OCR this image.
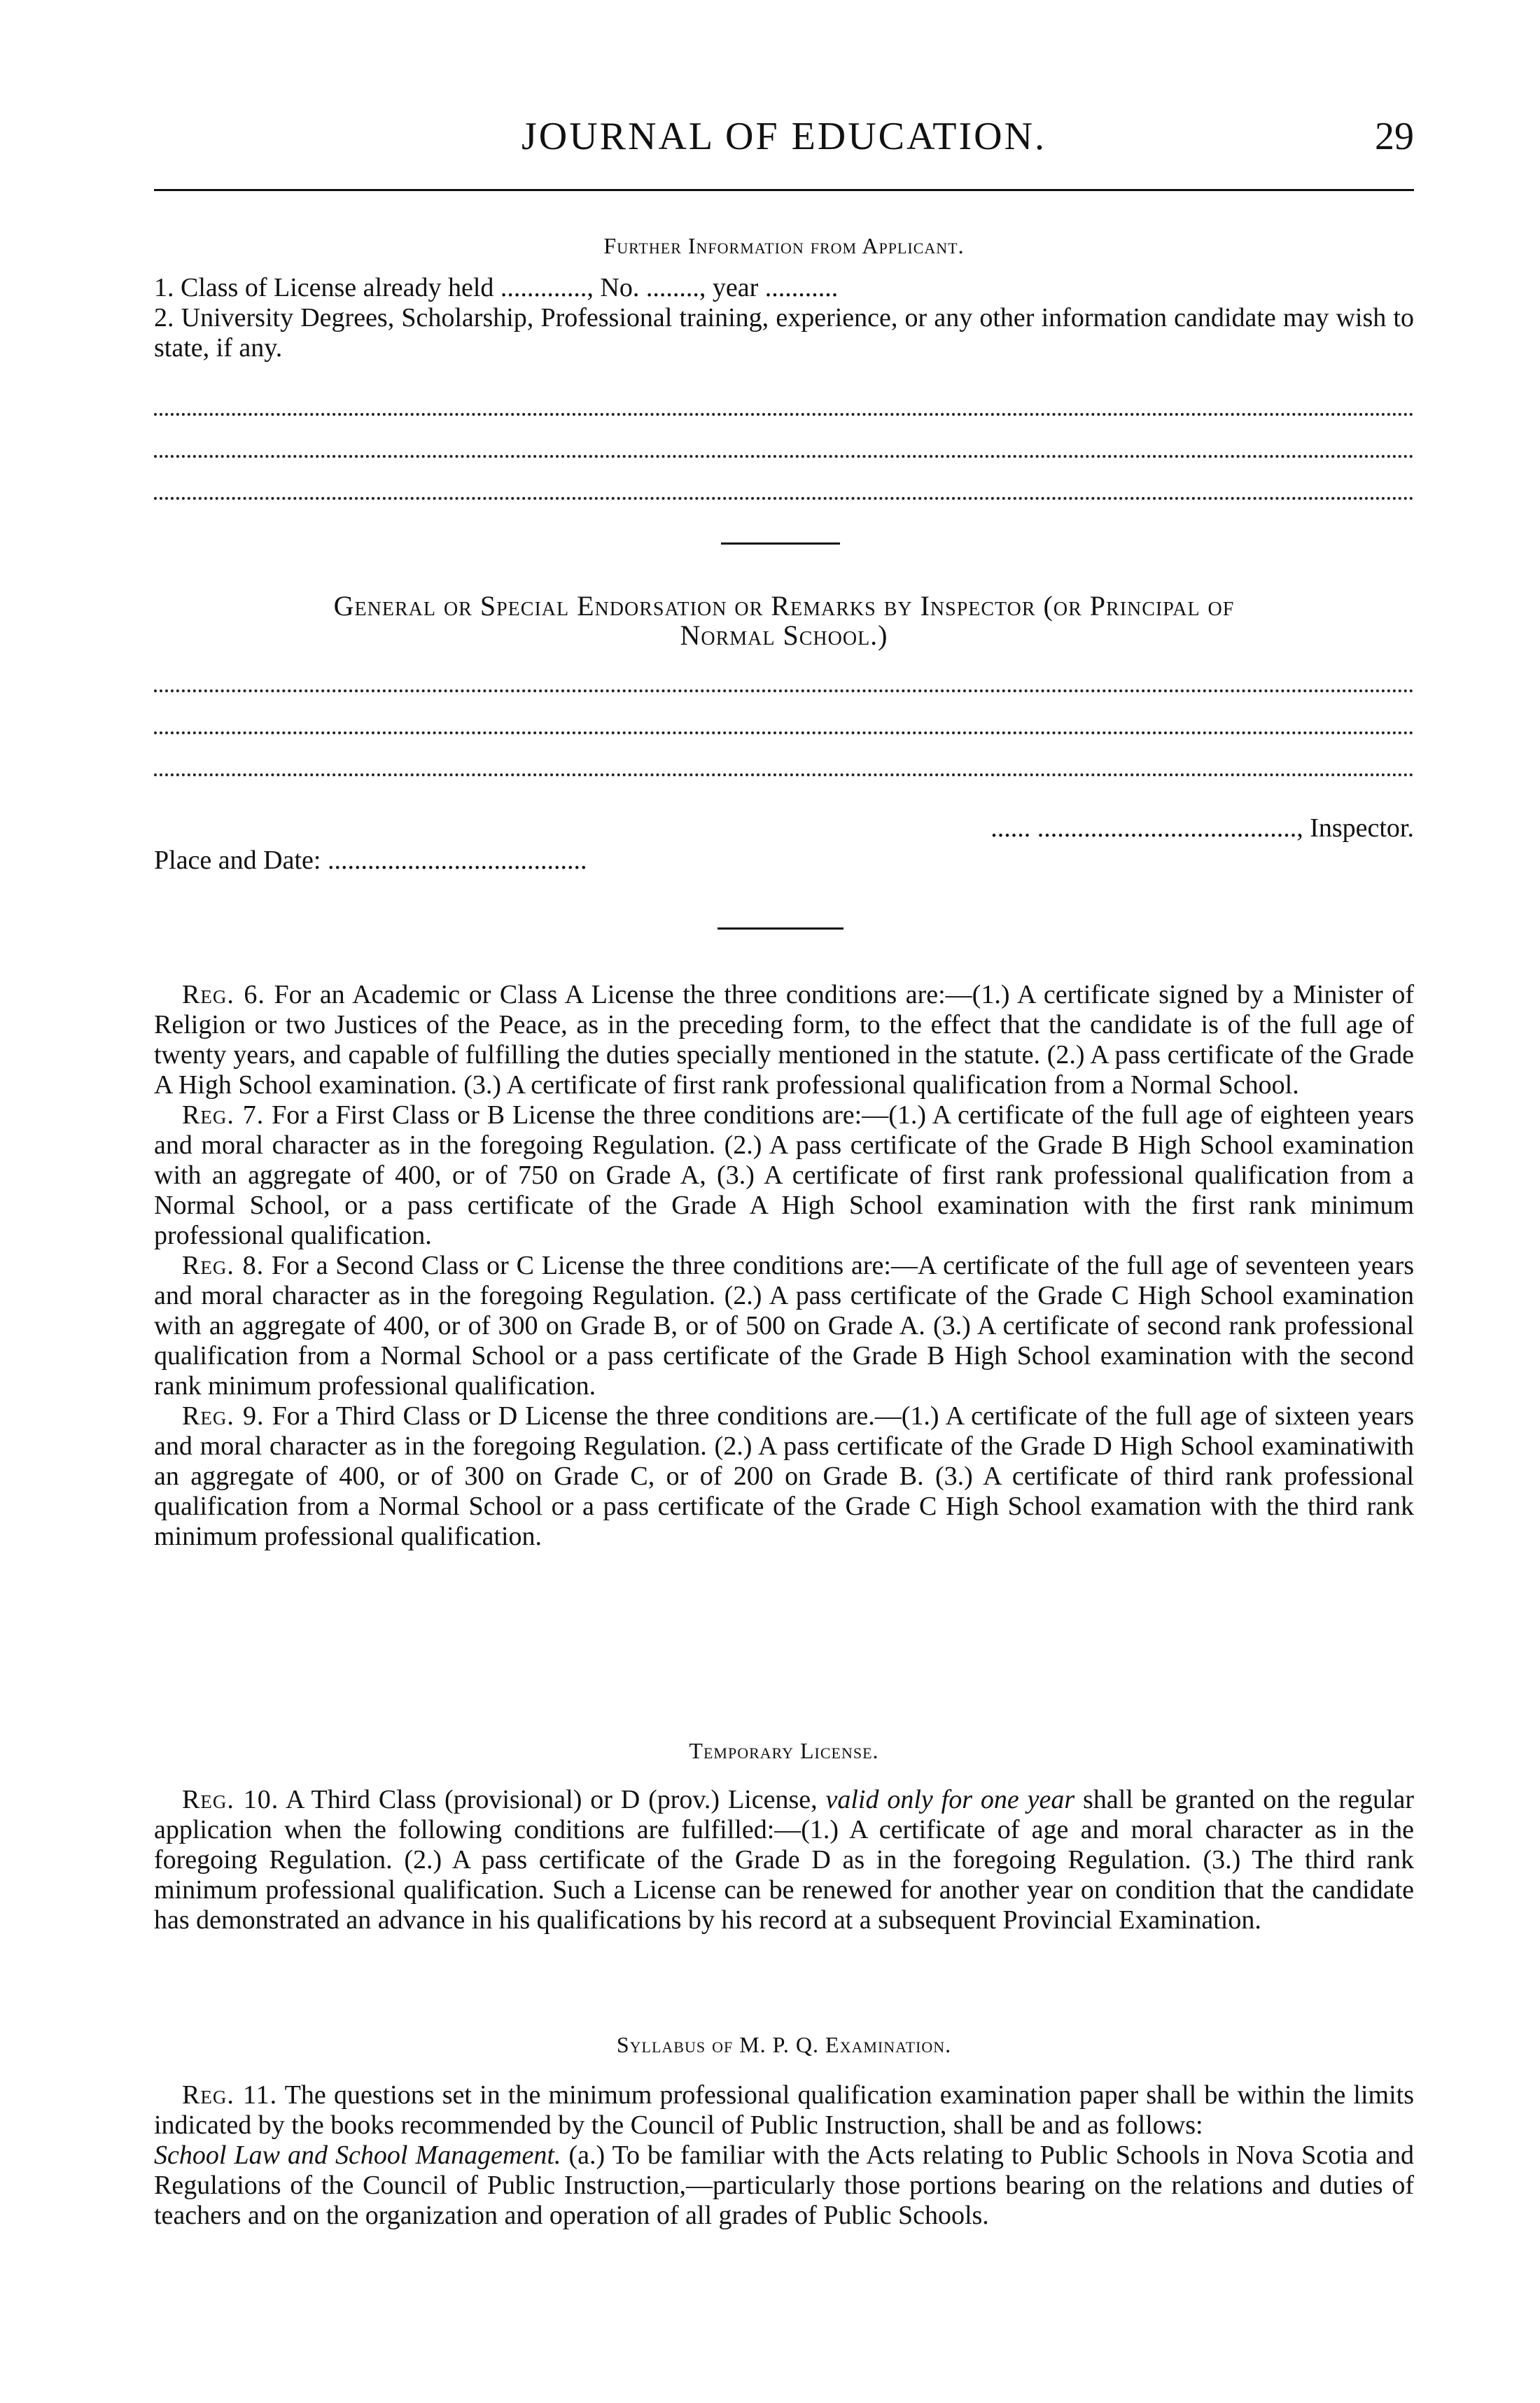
JOURNAL OF EDUCATION.	29
Further Information from Applicant.

1. Class of License already held ............., No. ........, year ...........

2. University Degrees, Scholarship, Professional training, experience, or any other information candidate may wish to state, if any.

General or Special Endorsation or Remarks by Inspector (or Principal of
Normal School.)
...... ......................................., Inspector.
Place and Date: .......................................

Reg. 6. For an Academic or Class A License the three conditions are:—(1.) A certificate signed by a Minister of Religion or two Justices of the Peace, as in the preceding form, to the effect that the candidate is of the full age of twenty years, and capable of fulfilling the duties specially mentioned in the statute. (2.) A pass certificate of the Grade A High School examination. (3.) A certificate of first rank professional qualification from a Normal School.

Reg. 7. For a First Class or B License the three conditions are:—(1.) A certificate of the full age of eighteen years and moral character as in the foregoing Regulation. (2.) A pass certificate of the Grade B High School examination with an aggregate of 400, or of 750 on Grade A, (3.) A certificate of first rank professional qualification from a Normal School, or a pass certificate of the Grade A High School examination with the first rank minimum professional qualification.

Reg. 8. For a Second Class or C License the three conditions are:—A certificate of the full age of seventeen years and moral character as in the foregoing Regulation. (2.) A pass certificate of the Grade C High School examination with an aggregate of 400, or of 300 on Grade B, or of 500 on Grade A. (3.) A certificate of second rank professional qualification from a Normal School or a pass certificate of the Grade B High School examination with the second rank minimum professional qualification.

Reg. 9. For a Third Class or D License the three conditions are.—(1.) A certificate of the full age of sixteen years and moral character as in the foregoing Regulation. (2.) A pass certificate of the Grade D High School examinatiwith an aggregate of 400, or of 300 on Grade C, or of 200 on Grade B. (3.) A certificate of third rank professional qualification from a Normal School or a pass certificate of the Grade C High School examation with the third rank minimum professional qualification.

Temporary License.

Reg. 10. A Third Class (provisional) or D (prov.) License, valid only for one year shall be granted on the regular application when the following conditions are fulfilled:—(1.) A certificate of age and moral character as in the foregoing Regulation. (2.) A pass certificate of the Grade D as in the foregoing Regulation. (3.) The third rank minimum professional qualification. Such a License can be renewed for another year on condition that the candidate has demonstrated an advance in his qualifications by his record at a subsequent Provincial Examination.

Syllabus of M. P. Q. Examination.

Reg. 11. The questions set in the minimum professional qualification examination paper shall be within the limits indicated by the books recommended by the Council of Public Instruction, shall be and as follows:

School Law and School Management. (a.) To be familiar with the Acts relating to Public Schools in Nova Scotia and Regulations of the Council of Public Instruction,—particularly those portions bearing on the relations and duties of teachers and on the organization and operation of all grades of Public Schools.
